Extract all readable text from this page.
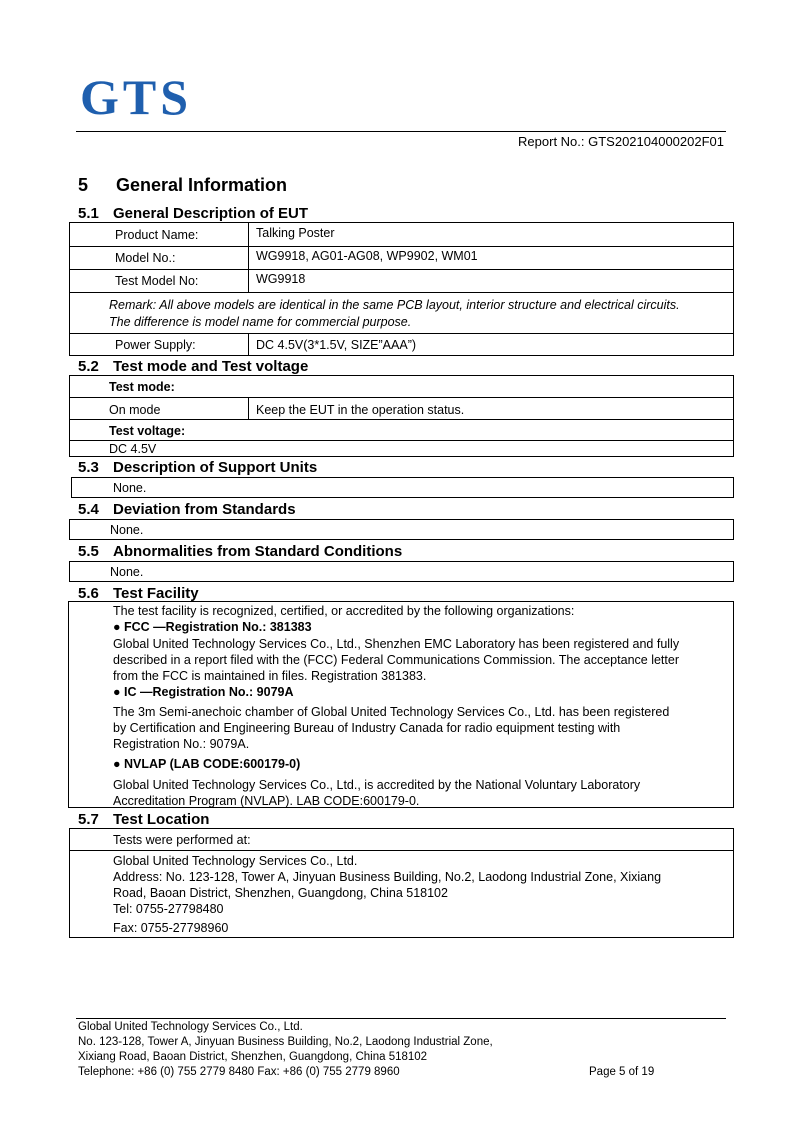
GTS
Report No.: GTS202104000202F01
5 General Information
5.1 General Description of EUT
Product Name:	Talking Poster
Model No.:	WG9918, AG01-AG08, WP9902, WM01
Test Model No:	WG9918
Remark: All above models are identical in the same PCB layout, interior structure and electrical circuits.
The difference is model name for commercial purpose.
Power Supply:	DC 4.5V(3*1.5V, SIZE”AAA”)
5.2 Test mode and Test voltage
Test mode:
On mode	Keep the EUT in the operation status.
Test voltage:
DC 4.5V
5.3 Description of Support Units
None.
5.4 Deviation from Standards
None.
5.5 Abnormalities from Standard Conditions
None.
5.6 Test Facility
The test facility is recognized, certified, or accredited by the following organizations:
● FCC —Registration No.: 381383
Global United Technology Services Co., Ltd., Shenzhen EMC Laboratory has been registered and fully
described in a report filed with the (FCC) Federal Communications Commission. The acceptance letter
from the FCC is maintained in files. Registration 381383.
● IC —Registration No.: 9079A
The 3m Semi-anechoic chamber of Global United Technology Services Co., Ltd. has been registered
by Certification and Engineering Bureau of Industry Canada for radio equipment testing with
Registration No.: 9079A.
● NVLAP (LAB CODE:600179-0)
Global United Technology Services Co., Ltd., is accredited by the National Voluntary Laboratory
Accreditation Program (NVLAP). LAB CODE:600179-0.
5.7 Test Location
Tests were performed at:
Global United Technology Services Co., Ltd.
Address: No. 123-128, Tower A, Jinyuan Business Building, No.2, Laodong Industrial Zone, Xixiang
Road, Baoan District, Shenzhen, Guangdong, China 518102
Tel: 0755-27798480
Fax: 0755-27798960
Global United Technology Services Co., Ltd.
No. 123-128, Tower A, Jinyuan Business Building, No.2, Laodong Industrial Zone,
Xixiang Road, Baoan District, Shenzhen, Guangdong, China 518102
Telephone: +86 (0) 755 2779 8480 Fax: +86 (0) 755 2779 8960	Page 5 of 19
